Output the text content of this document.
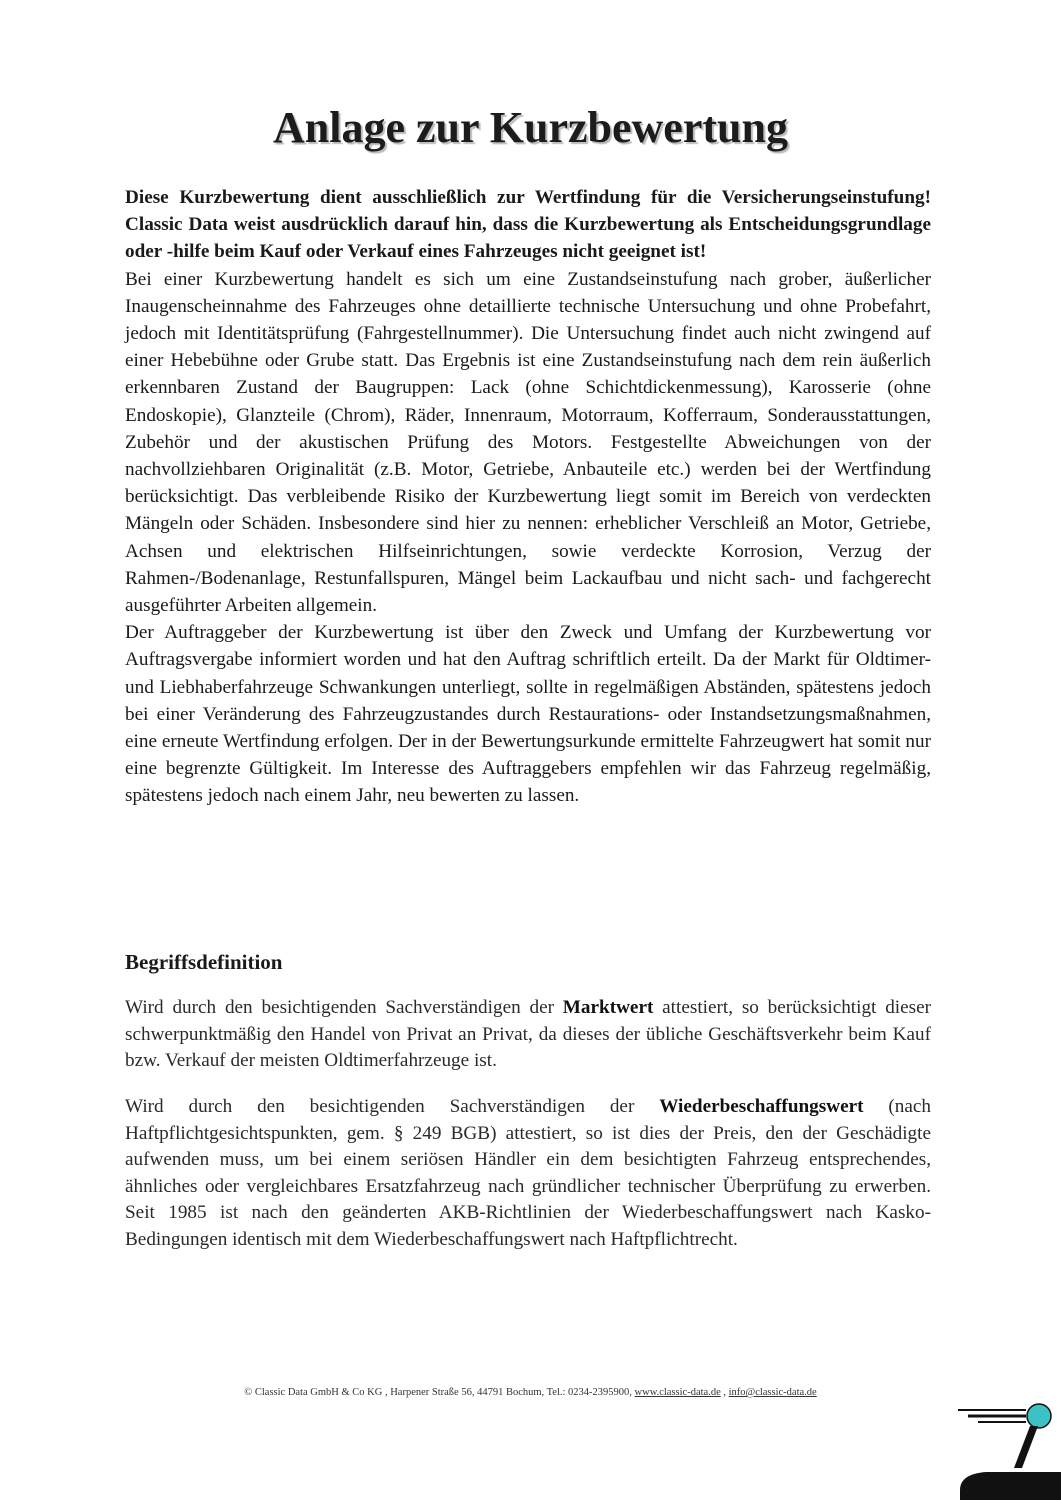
Anlage zur Kurzbewertung

Diese Kurzbewertung dient ausschließlich zur Wertfindung für die Versicherungseinstufung! Classic Data weist ausdrücklich darauf hin, dass die Kurzbewertung als Entscheidungsgrundlage oder -hilfe beim Kauf oder Verkauf eines Fahrzeuges nicht geeignet ist!

Bei einer Kurzbewertung handelt es sich um eine Zustandseinstufung nach grober, äußerlicher Inaugenscheinnahme des Fahrzeuges ohne detaillierte technische Untersuchung und ohne Probefahrt, jedoch mit Identitätsprüfung (Fahrgestellnummer). Die Untersuchung findet auch nicht zwingend auf einer Hebebühne oder Grube statt. Das Ergebnis ist eine Zustandseinstufung nach dem rein äußerlich erkennbaren Zustand der Baugruppen: Lack (ohne Schichtdickenmessung), Karosserie (ohne Endoskopie), Glanzteile (Chrom), Räder, Innenraum, Motorraum, Kofferraum, Sonderausstattungen, Zubehör und der akustischen Prüfung des Motors. Festgestellte Abweichungen von der nachvollziehbaren Originalität (z.B. Motor, Getriebe, Anbauteile etc.) werden bei der Wertfindung berücksichtigt. Das verbleibende Risiko der Kurzbewertung liegt somit im Bereich von verdeckten Mängeln oder Schäden. Insbesondere sind hier zu nennen: erheblicher Verschleiß an Motor, Getriebe, Achsen und elektrischen Hilfseinrichtungen, sowie verdeckte Korrosion, Verzug der Rahmen-/Bodenanlage, Restunfallspuren, Mängel beim Lackaufbau und nicht sach- und fachgerecht ausgeführter Arbeiten allgemein.

Der Auftraggeber der Kurzbewertung ist über den Zweck und Umfang der Kurzbewertung vor Auftragsvergabe informiert worden und hat den Auftrag schriftlich erteilt. Da der Markt für Oldtimer- und Liebhaberfahrzeuge Schwankungen unterliegt, sollte in regelmäßigen Abständen, spätestens jedoch bei einer Veränderung des Fahrzeugzustandes durch Restaurations- oder Instandsetzungsmaßnahmen, eine erneute Wertfindung erfolgen. Der in der Bewertungsurkunde ermittelte Fahrzeugwert hat somit nur eine begrenzte Gültigkeit. Im Interesse des Auftraggebers empfehlen wir das Fahrzeug regelmäßig, spätestens jedoch nach einem Jahr, neu bewerten zu lassen.

Begriffsdefinition

Wird durch den besichtigenden Sachverständigen der Marktwert attestiert, so berücksichtigt dieser schwerpunktmäßig den Handel von Privat an Privat, da dieses der übliche Geschäftsverkehr beim Kauf bzw. Verkauf der meisten Oldtimerfahrzeuge ist.

Wird durch den besichtigenden Sachverständigen der Wiederbeschaffungswert (nach Haftpflichtgesichtspunkten, gem. § 249 BGB) attestiert, so ist dies der Preis, den der Geschädigte aufwenden muss, um bei einem seriösen Händler ein dem besichtigten Fahrzeug entsprechendes, ähnliches oder vergleichbares Ersatzfahrzeug nach gründlicher technischer Überprüfung zu erwerben. Seit 1985 ist nach den geänderten AKB-Richtlinien der Wiederbeschaffungswert nach Kasko-Bedingungen identisch mit dem Wiederbeschaffungswert nach Haftpflichtrecht.

© Classic Data GmbH & Co KG , Harpener Straße 56, 44791 Bochum, Tel.: 0234-2395900, www.classic-data.de , info@classic-data.de
